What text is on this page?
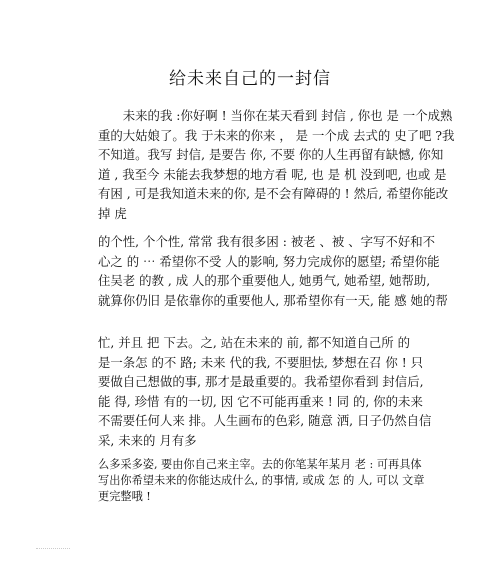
给未来自己的一封信
　　未来的我 :你好啊 ! 当你在某天看到 封信 , 你也 是 一个成熟
重的大姑娘了。我 于未来的你来 ， 是 一个成 去式的 史了吧 ?我
不知道。我写 封信, 是要告 你, 不要 你的人生再留有缺憾, 你知
道 , 我至今 未能去我梦想的地方看 呢, 也 是 机 没到吧, 也或 是
有困 , 可是我知道未来的你, 是不会有障碍的 ! 然后, 希望你能改
掉 虎
的个性, 个个性, 常常 我有很多困 : 被老 、被 、字写不好和不
心之 的 ⋯ 希望你不受 人的影响, 努力完成你的愿望; 希望你能
住吴老 的教 , 成 人的那个重要他人, 她勇气, 她希望, 她帮助,
就算你仍旧 是依靠你的重要他人, 那希望你有一天, 能 感 她的帮
忙, 并且 把 下去。之, 站在未来的 前, 都不知道自己所 的
是一条怎 的不 路; 未来 代的我, 不要胆怯, 梦想在召 你 ! 只
要做自己想做的事, 那才是最重要的。我希望你看到 封信后,
能 得, 珍惜 有的一切, 因 它不可能再重来 ! 同 的, 你的未来
不需要任何人来 排。人生画布的色彩, 随意 洒, 日子仍然自信
采, 未来的 月有多
么多采多姿, 要由你自己来主宰。去的你笔某年某月 老 : 可再具体
写出你希望未来的你能达成什么, 的事情, 或成 怎 的 人, 可以 文章
更完整哦 !
